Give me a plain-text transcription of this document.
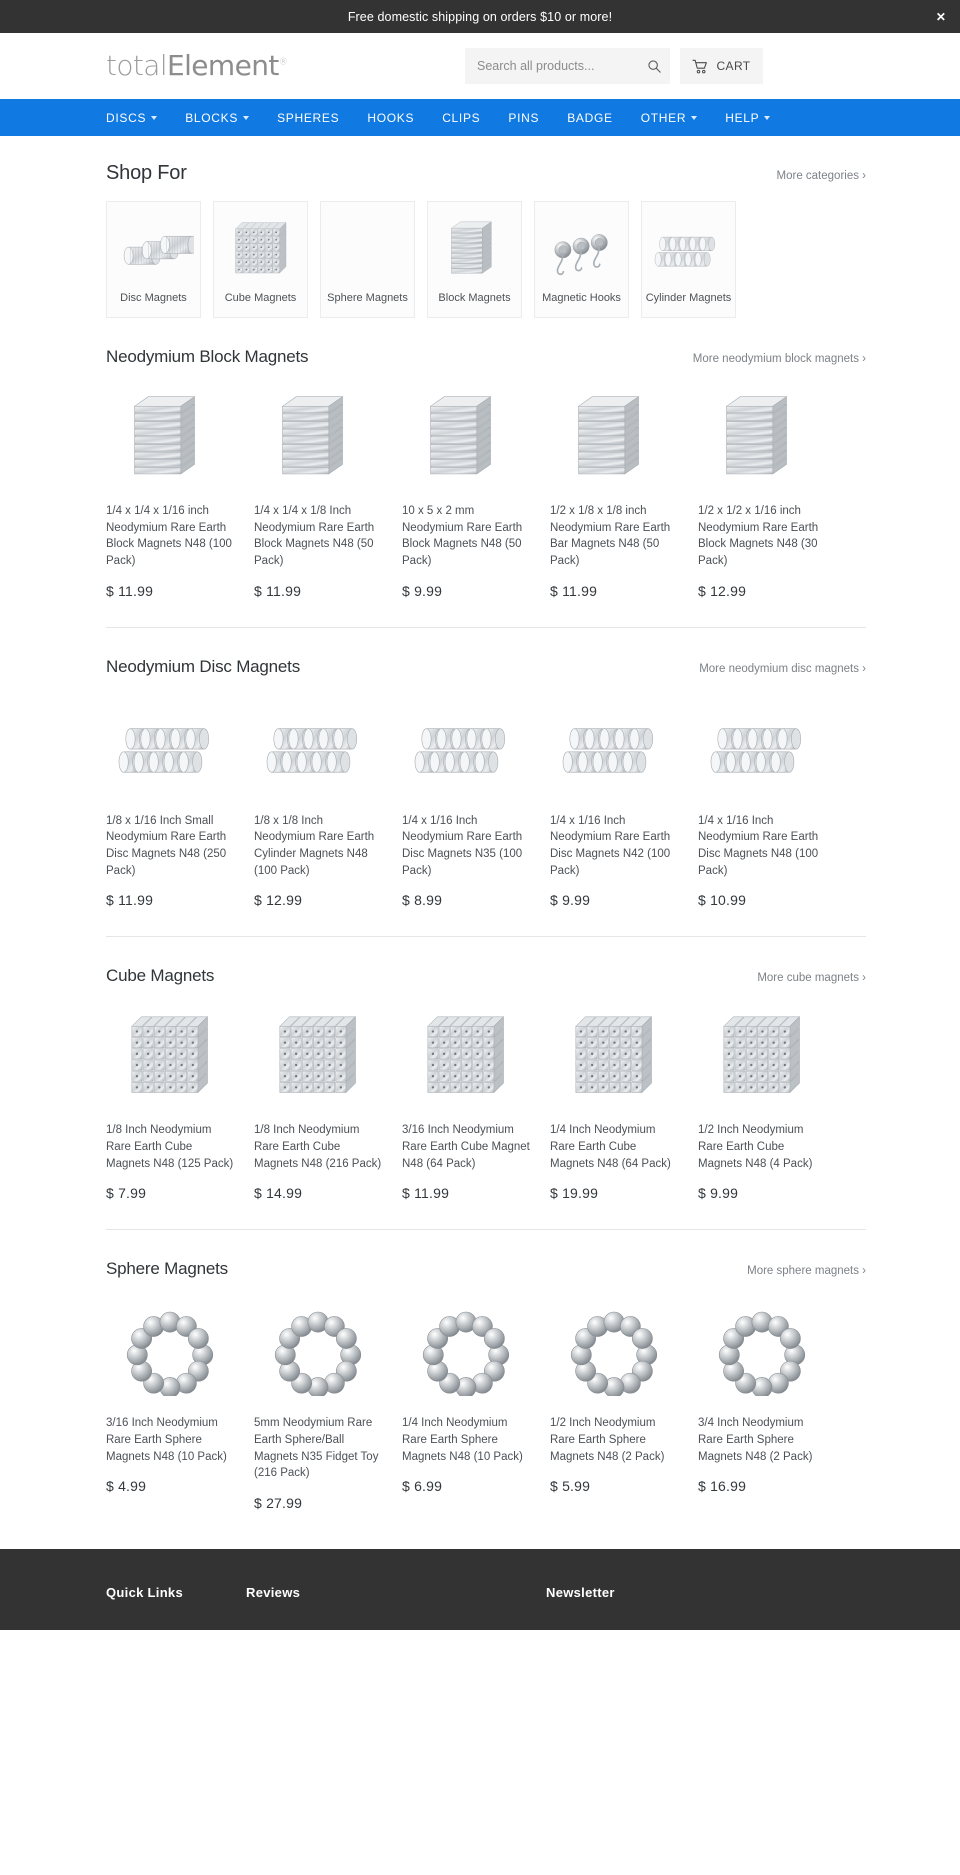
Free domestic shipping on orders $10 or more!	✕
totalElement®
Search all products...	CART
DISCS	BLOCKS	SPHERES HOOKS CLIPS PINS BADGE OTHER	HELP
Shop For	More categories ›
Disc Magnets	Cube Magnets	Sphere Magnets	Block Magnets	Magnetic Hooks Cylinder Magnets
Neodymium Block Magnets	More neodymium block magnets ›
1/4 x 1/4 x 1/16 inch Neodymium Rare Earth Block Magnets N48 (100 Pack)
$ 11.99
1/4 x 1/4 x 1/8 Inch Neodymium Rare Earth Block Magnets N48 (50 Pack)
$ 11.99
10 x 5 x 2 mm Neodymium Rare Earth Block Magnets N48 (50 Pack)
$ 9.99
1/2 x 1/8 x 1/8 inch Neodymium Rare Earth Bar Magnets N48 (50 Pack)
$ 11.99
1/2 x 1/2 x 1/16 inch Neodymium Rare Earth Block Magnets N48 (30 Pack)
$ 12.99
Neodymium Disc Magnets	More neodymium disc magnets ›
1/8 x 1/16 Inch Small Neodymium Rare Earth Disc Magnets N48 (250 Pack)
$ 11.99
1/8 x 1/8 Inch Neodymium Rare Earth Cylinder Magnets N48 (100 Pack)
$ 12.99
1/4 x 1/16 Inch Neodymium Rare Earth Disc Magnets N35 (100 Pack)
$ 8.99
1/4 x 1/16 Inch Neodymium Rare Earth Disc Magnets N42 (100 Pack)
$ 9.99
1/4 x 1/16 Inch Neodymium Rare Earth Disc Magnets N48 (100 Pack)
$ 10.99
Cube Magnets	More cube magnets ›
1/8 Inch Neodymium Rare Earth Cube Magnets N48 (125 Pack)
$ 7.99
1/8 Inch Neodymium Rare Earth Cube Magnets N48 (216 Pack)
$ 14.99
3/16 Inch Neodymium Rare Earth Cube Magnet N48 (64 Pack)
$ 11.99
1/4 Inch Neodymium Rare Earth Cube Magnets N48 (64 Pack)
$ 19.99
1/2 Inch Neodymium Rare Earth Cube Magnets N48 (4 Pack)
$ 9.99
Sphere Magnets	More sphere magnets ›
3/16 Inch Neodymium Rare Earth Sphere Magnets N48 (10 Pack)
$ 4.99
5mm Neodymium Rare Earth Sphere/Ball Magnets N35 Fidget Toy (216 Pack)
$ 27.99
1/4 Inch Neodymium Rare Earth Sphere Magnets N48 (10 Pack)
$ 6.99
1/2 Inch Neodymium Rare Earth Sphere Magnets N48 (2 Pack)
$ 5.99
3/4 Inch Neodymium Rare Earth Sphere Magnets N48 (2 Pack)
$ 16.99
Quick Links	Reviews	Newsletter
